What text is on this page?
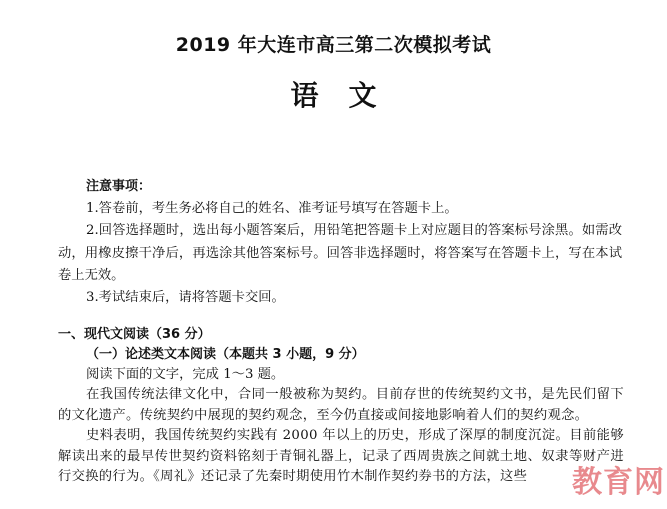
2019 年大连市高三第二次模拟考试
语文
注意事项：

1.答卷前，考生务必将自己的姓名、准考证号填写在答题卡上。

2.回答选择题时，选出每小题答案后，用铅笔把答题卡上对应题目的答案标号涂黑。如需改动，用橡皮擦干净后，再选涂其他答案标号。回答非选择题时，将答案写在答题卡上，写在本试卷上无效。

3.考试结束后，请将答题卡交回。

一、现代文阅读（36 分）
（一）论述类文本阅读（本题共 3 小题，9 分）
阅读下面的文字，完成 1～3 题。

在我国传统法律文化中，合同一般被称为契约。目前存世的传统契约文书，是先民们留下的文化遗产。传统契约中展现的契约观念，至今仍直接或间接地影响着人们的契约观念。

史料表明，我国传统契约实践有 2000 年以上的历史，形成了深厚的制度沉淀。目前能够解读出来的最早传世契约资料铭刻于青铜礼器上，记录了西周贵族之间就土地、奴隶等财产进行交换的行为。《周礼》还记录了先秦时期使用竹木制作契约券书的方法，这些	教育网
